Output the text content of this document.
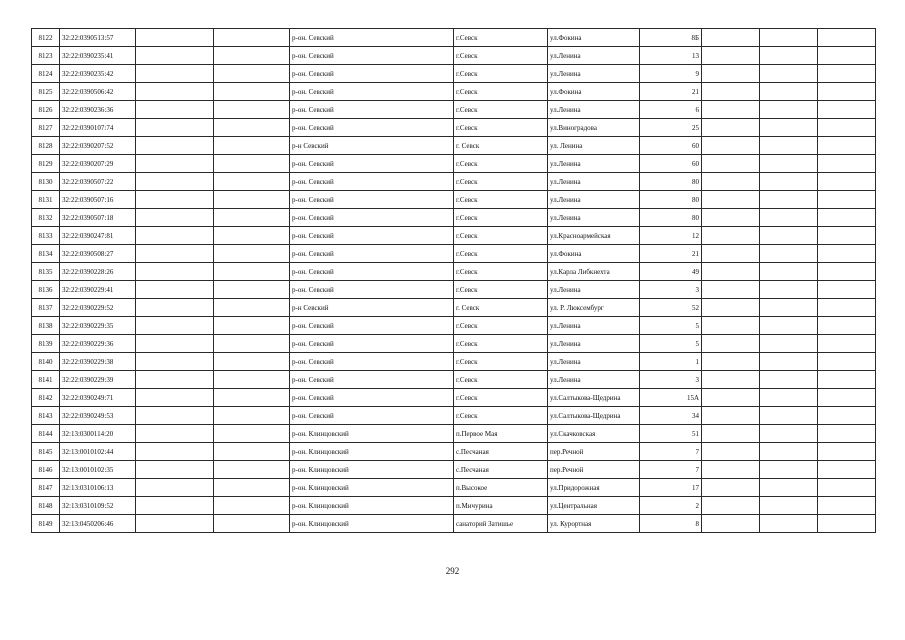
8122	32:22:0390513:57			р-он. Севский	г.Севск	ул.Фокина	8Б			
8123	32:22:0390235:41			р-он. Севский	г.Севск	ул.Ленина	13			
8124	32:22:0390235:42			р-он. Севский	г.Севск	ул.Ленина	9			
8125	32:22:0390506:42			р-он. Севский	г.Севск	ул.Фокина	21			
8126	32:22:0390236:36			р-он. Севский	г.Севск	ул.Ленина	6			
8127	32:22:0390107:74			р-он. Севский	г.Севск	ул.Виноградова	25			
8128	32:22:0390207:52			р-н Севский	г. Севск	ул. Ленина	60			
8129	32:22:0390207:29			р-он. Севский	г.Севск	ул.Ленина	60			
8130	32:22:0390507:22			р-он. Севский	г.Севск	ул.Ленина	80			
8131	32:22:0390507:16			р-он. Севский	г.Севск	ул.Ленина	80			
8132	32:22:0390507:18			р-он. Севский	г.Севск	ул.Ленина	80			
8133	32:22:0390247:81			р-он. Севский	г.Севск	ул.Красноармейская	12			
8134	32:22:0390508:27			р-он. Севский	г.Севск	ул.Фокина	21			
8135	32:22:0390228:26			р-он. Севский	г.Севск	ул.Карла Либкнехта	49			
8136	32:22:0390229:41			р-он. Севский	г.Севск	ул.Ленина	3			
8137	32:22:0390229:52			р-н Севский	г. Севск	ул. Р. Люксембург	52			
8138	32:22:0390229:35			р-он. Севский	г.Севск	ул.Ленина	5			
8139	32:22:0390229:36			р-он. Севский	г.Севск	ул.Ленина	5			
8140	32:22:0390229:38			р-он. Севский	г.Севск	ул.Ленина	1			
8141	32:22:0390229:39			р-он. Севский	г.Севск	ул.Ленина	3			
8142	32:22:0390249:71			р-он. Севский	г.Севск	ул.Салтыкова-Щедрина	15А			
8143	32:22:0390249:53			р-он. Севский	г.Севск	ул.Салтыкова-Щедрина	34			
8144	32:13:0300114:20			р-он. Клинцовский	п.Первое Мая	ул.Скачковская	51			
8145	32:13:0010102:44			р-он. Клинцовский	с.Песчаная	пер.Речной	7			
8146	32:13:0010102:35			р-он. Клинцовский	с.Песчаная	пер.Речной	7			
8147	32:13:0310106:13			р-он. Клинцовский	п.Высокое	ул.Придорожная	17			
8148	32:13:0310109:52			р-он. Клинцовский	п.Мичурина	ул.Центральная	2			
8149	32:13:0450206:46			р-он. Клинцовский	санаторий Затишье	ул. Курортная	8			
292
